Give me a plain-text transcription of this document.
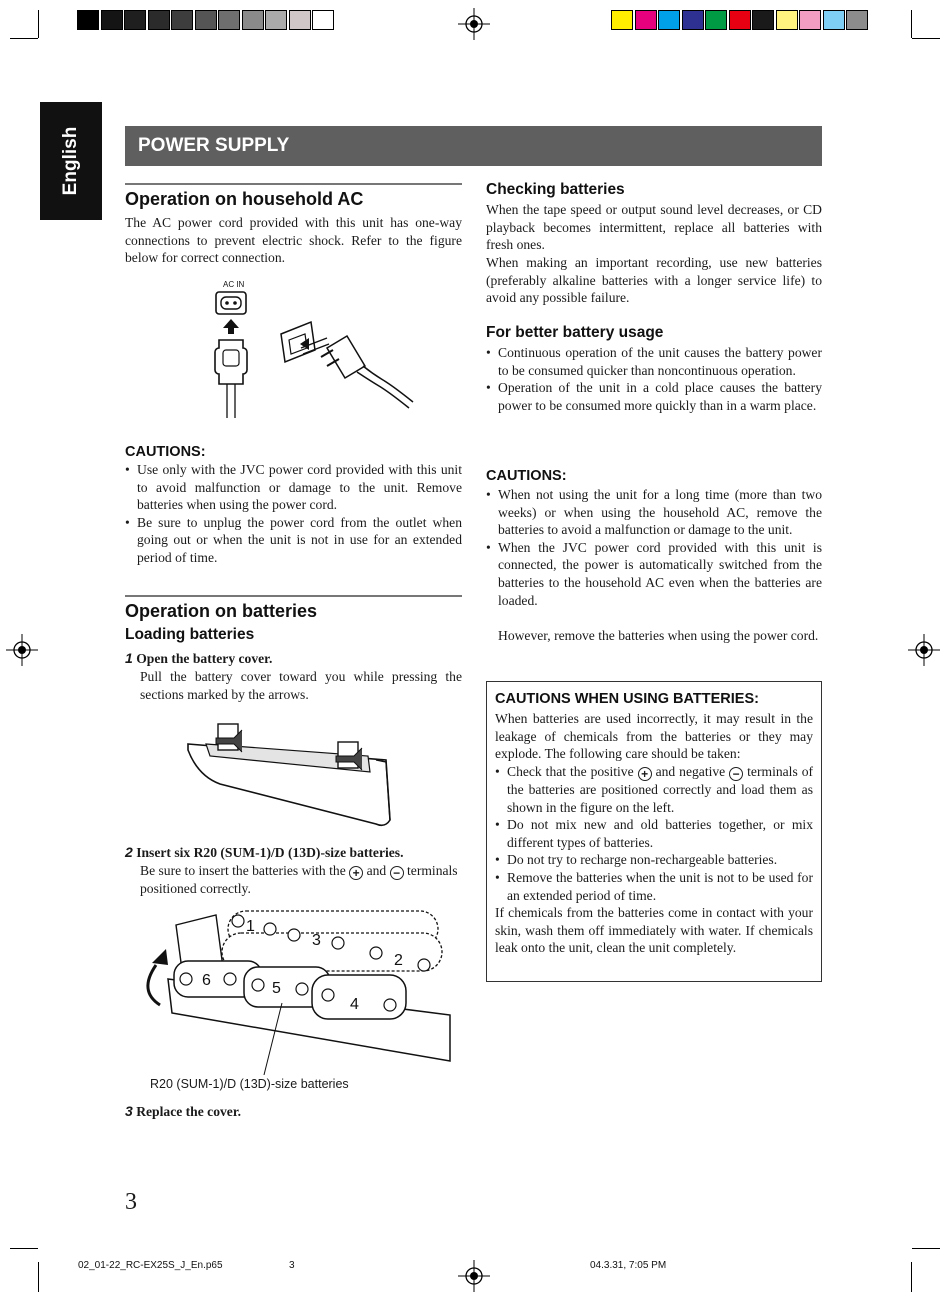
English	POWER SUPPLY
Operation on household AC

The AC power cord provided with this unit has one-way connections to prevent electric shock. Refer to the figure below for correct connection.

AC IN
CAUTIONS:
• Use only with the JVC power cord provided with this unit to avoid malfunction or damage to the unit. Remove batteries when using the power cord.
• Be sure to unplug the power cord from the outlet when going out or when the unit is not in use for an extended period of time.
Operation on batteries
Loading batteries

1 Open the battery cover.

Pull the battery cover toward you while pressing the sections marked by the arrows.

2 Insert six R20 (SUM-1)/D (13D)-size batteries.

Be sure to insert the batteries with the + and − terminals positioned correctly.

1
2
3
4
5
6

R20 (SUM-1)/D (13D)-size batteries

3 Replace the cover.

Checking batteries

When the tape speed or output sound level decreases, or CD playback becomes intermittent, replace all batteries with fresh ones.

When making an important recording, use new batteries (preferably alkaline batteries with a longer service life) to avoid any possible failure.

For better battery usage
• Continuous operation of the unit causes the battery power to be consumed quicker than noncontinuous operation.
• Operation of the unit in a cold place causes the battery power to be consumed more quickly than in a warm place.
CAUTIONS:
• When not using the unit for a long time (more than two weeks) or when using the household AC, remove the batteries to avoid a malfunction or damage to the unit.
• When the JVC power cord provided with this unit is connected, the power is automatically switched from the batteries to the household AC even when the batteries are loaded.

However, remove the batteries when using the power cord.

CAUTIONS WHEN USING BATTERIES:

When batteries are used incorrectly, it may result in the leakage of chemicals from the batteries or they may explode. The following care should be taken:

• Check that the positive + and negative − terminals of the batteries are positioned correctly and load them as shown in the figure on the left.
• Do not mix new and old batteries together, or mix different types of batteries.
• Do not try to recharge non-rechargeable batteries.
• Remove the batteries when the unit is not to be used for an extended period of time.

If chemicals from the batteries come in contact with your skin, wash them off immediately with water. If chemicals leak onto the unit, clean the unit completely.

3

02_01-22_RC-EX25S_J_En.p65	3	04.3.31, 7:05 PM
